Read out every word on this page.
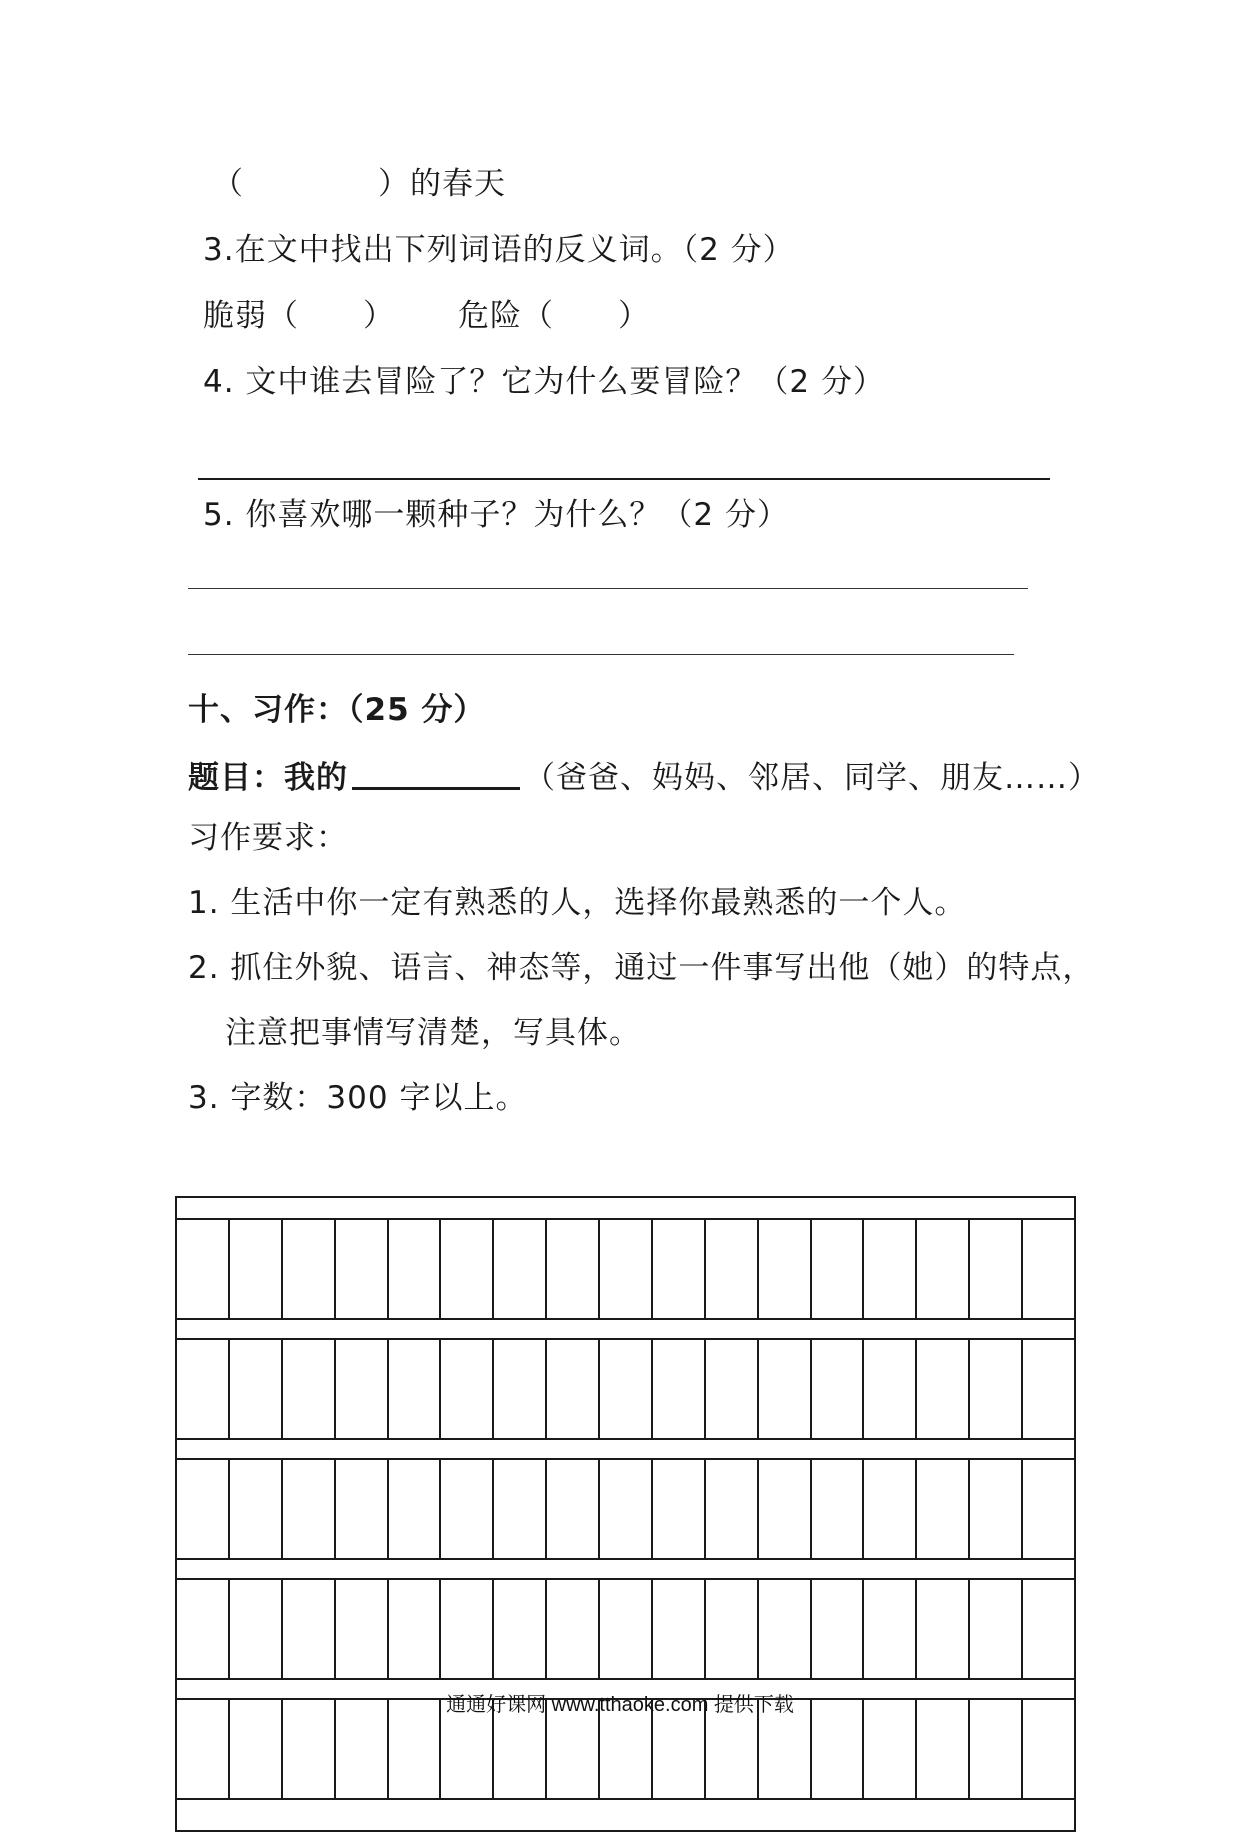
（	）的春天
3.在文中找出下列词语的反义词。（2 分）
脆弱（　　） 危险（　　）
4. 文中谁去冒险了？它为什么要冒险？（2 分）
5. 你喜欢哪一颗种子？为什么？（2 分）
十、习作：（25 分）
题目：我的	（爸爸、妈妈、邻居、同学、朋友……）
习作要求：
1. 生活中你一定有熟悉的人，选择你最熟悉的一个人。
2. 抓住外貌、语言、神态等，通过一件事写出他（她）的特点，
注意把事情写清楚，写具体。
3. 字数：300 字以上。
通通好课网 www.tthaoke.com 提供下载
